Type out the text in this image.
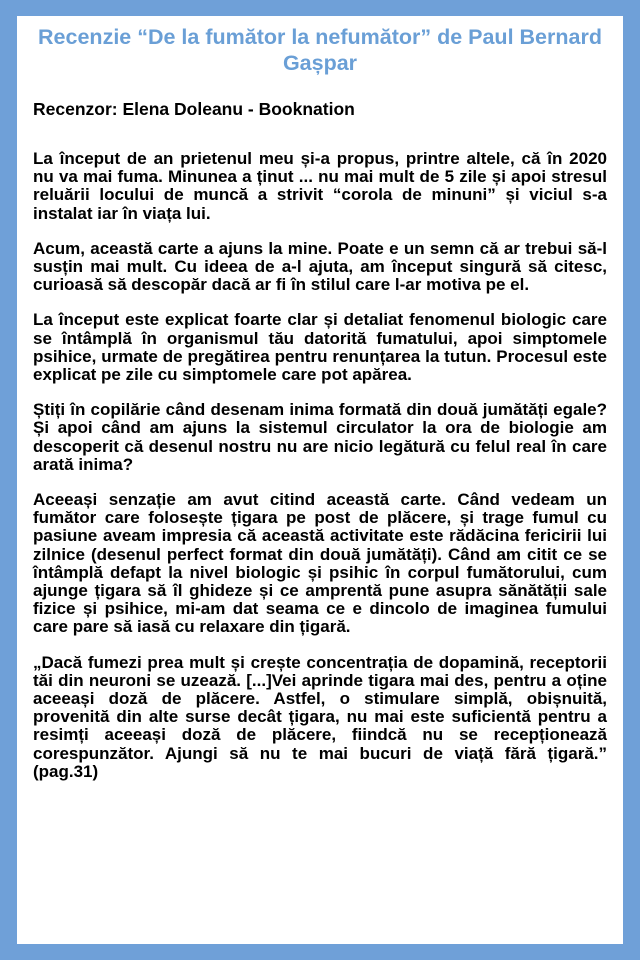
Recenzie “De la fumător la nefumător” de Paul Bernard Gașpar

Recenzor: Elena Doleanu - Booknation

La început de an prietenul meu și-a propus, printre altele, că în 2020 nu va mai fuma. Minunea a ținut ... nu mai mult de 5 zile și apoi stresul reluării locului de muncă a strivit “corola de minuni” și viciul s-a instalat iar în viața lui.

Acum, această carte a ajuns la mine. Poate e un semn că ar trebui să-l susțin mai mult. Cu ideea de a-l ajuta, am început singură să citesc, curioasă să descopăr dacă ar fi în stilul care l-ar motiva pe el.

La început este explicat foarte clar și detaliat fenomenul biologic care se întâmplă în organismul tău datorită fumatului, apoi simptomele psihice, urmate de pregătirea pentru renunțarea la tutun. Procesul este explicat pe zile cu simptomele care pot apărea.

Știți în copilărie când desenam inima formată din două jumătăți egale? Și apoi când am ajuns la sistemul circulator la ora de biologie am descoperit că desenul nostru nu are nicio legătură cu felul real în care arată inima?

Aceeași senzație am avut citind această carte. Când vedeam un fumător care folosește țigara pe post de plăcere, și trage fumul cu pasiune aveam impresia că această activitate este rădăcina fericirii lui zilnice (desenul perfect format din două jumătăți). Când am citit ce se întâmplă defapt la nivel biologic și psihic în corpul fumătorului, cum ajunge țigara să îl ghideze și ce amprentă pune asupra sănătății sale fizice și psihice, mi-am dat seama ce e dincolo de imaginea fumului care pare să iasă cu relaxare din țigară.

„Dacă fumezi prea mult și crește concentrația de dopamină, receptorii tăi din neuroni se uzează. [...]Vei aprinde tigara mai des, pentru a oține aceeași doză de plăcere. Astfel, o stimulare simplă, obișnuită, provenită din alte surse decât țigara, nu mai este suficientă pentru a resimți aceeași doză de plăcere, fiindcă nu se recepționează corespunzător. Ajungi să nu te mai bucuri de viață fără țigară.” (pag.31)
